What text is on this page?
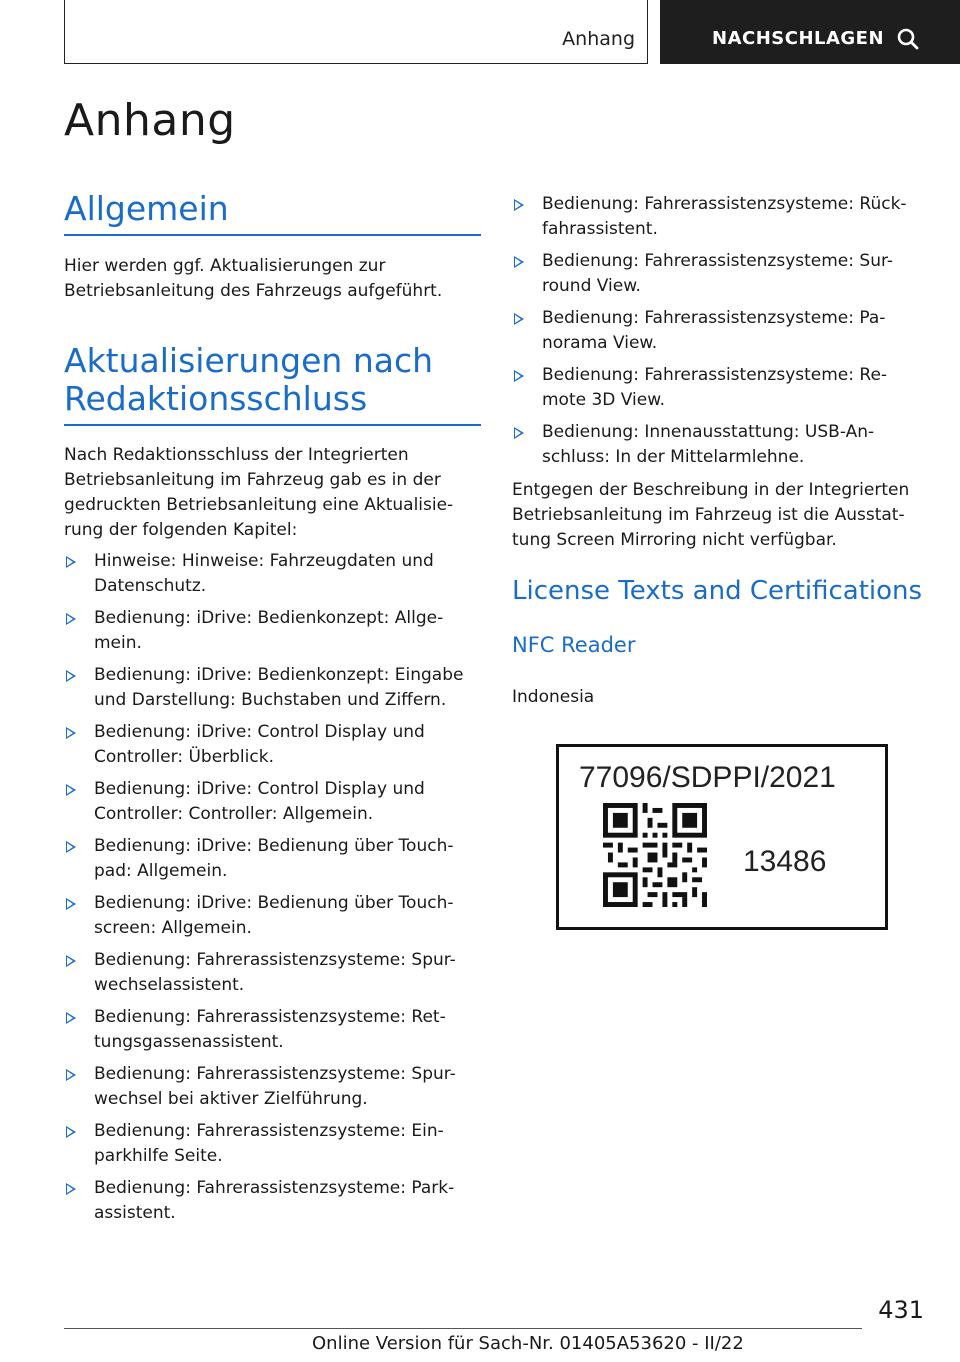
Anhang	NACHSCHLAGEN
Anhang
Allgemein

Hier werden ggf. Aktualisierungen zur
Betriebsanleitung des Fahrzeugs aufgeführt.

Aktualisierungen nach
Redaktionsschluss

Nach Redaktionsschluss der Integrierten
Betriebsanleitung im Fahrzeug gab es in der
gedruckten Betriebsanleitung eine Aktualisie-
rung der folgenden Kapitel:

Hinweise: Hinweise: Fahrzeugdaten und
Datenschutz.
Bedienung: iDrive: Bedienkonzept: Allge-
mein.
Bedienung: iDrive: Bedienkonzept: Eingabe
und Darstellung: Buchstaben und Ziffern.
Bedienung: iDrive: Control Display und
Controller: Überblick.
Bedienung: iDrive: Control Display und
Controller: Controller: Allgemein.
Bedienung: iDrive: Bedienung über Touch-
pad: Allgemein.
Bedienung: iDrive: Bedienung über Touch-
screen: Allgemein.
Bedienung: Fahrerassistenzsysteme: Spur-
wechselassistent.
Bedienung: Fahrerassistenzsysteme: Ret-
tungsgassenassistent.
Bedienung: Fahrerassistenzsysteme: Spur-
wechsel bei aktiver Zielführung.
Bedienung: Fahrerassistenzsysteme: Ein-
parkhilfe Seite.
Bedienung: Fahrerassistenzsysteme: Park-
assistent.
Bedienung: Fahrerassistenzsysteme: Rück-
fahrassistent.
Bedienung: Fahrerassistenzsysteme: Sur-
round View.
Bedienung: Fahrerassistenzsysteme: Pa-
norama View.
Bedienung: Fahrerassistenzsysteme: Re-
mote 3D View.
Bedienung: Innenausstattung: USB-An-
schluss: In der Mittelarmlehne.

Entgegen der Beschreibung in der Integrierten
Betriebsanleitung im Fahrzeug ist die Ausstat-
tung Screen Mirroring nicht verfügbar.

License Texts and Certifications
NFC Reader

Indonesia

77096/SDPPI/2021
13486
431
Online Version für Sach-Nr. 01405A53620 - II/22
